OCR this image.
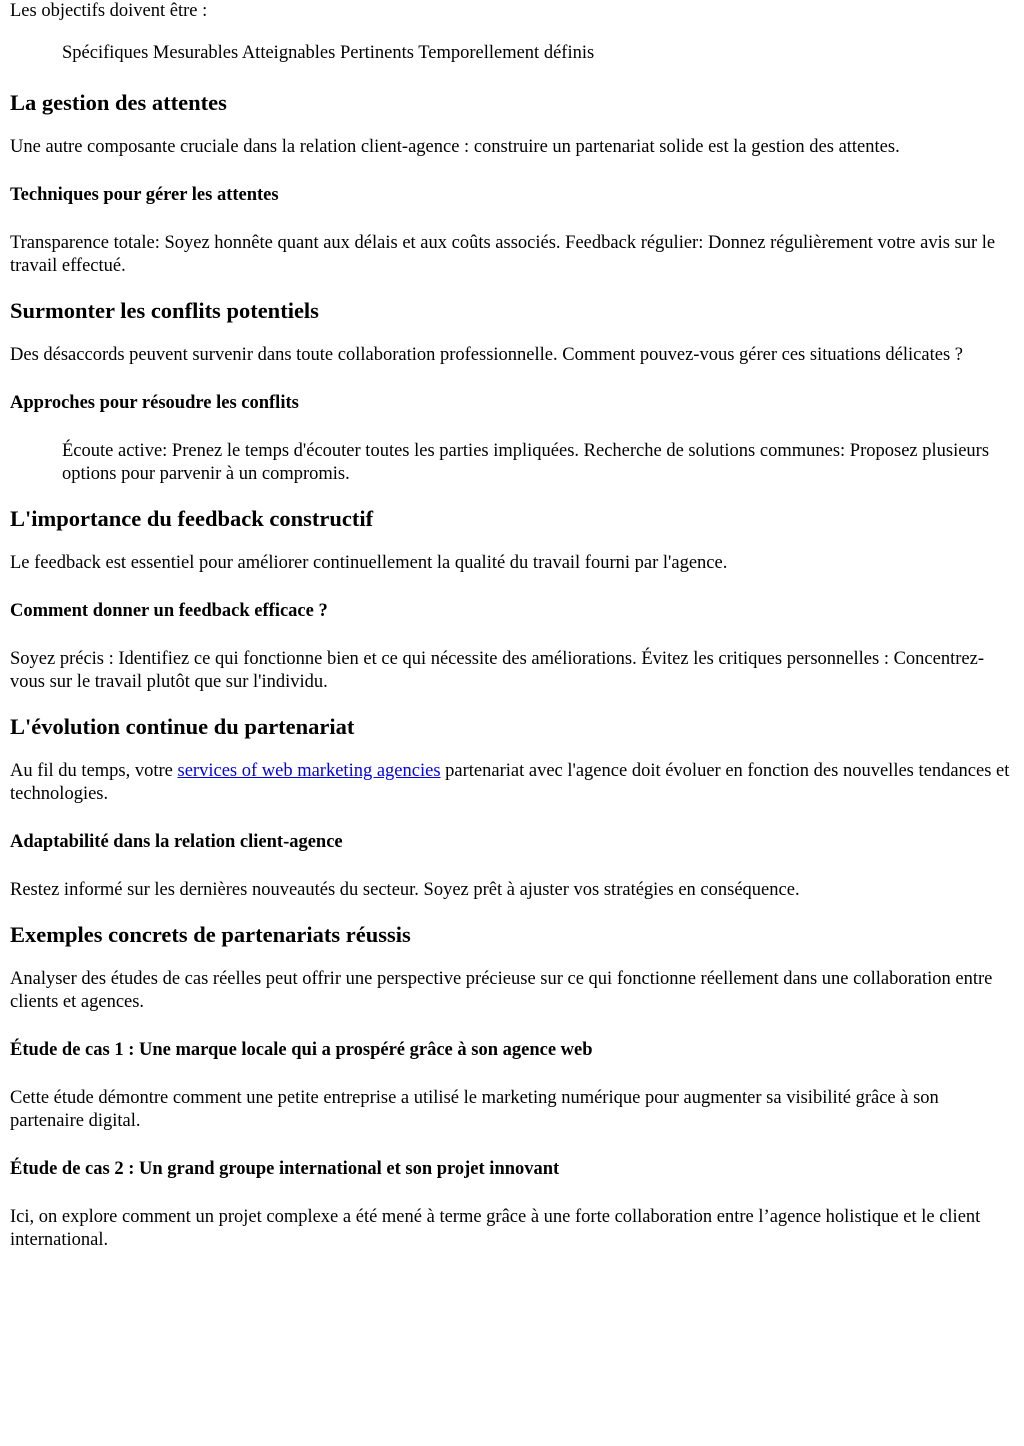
Les objectifs doivent être :

Spécifiques Mesurables Atteignables Pertinents Temporellement définis
La gestion des attentes

Une autre composante cruciale dans la relation client-agence : construire un partenariat solide est la gestion des attentes.

Techniques pour gérer les attentes

Transparence totale: Soyez honnête quant aux délais et aux coûts associés. Feedback régulier: Donnez régulièrement votre avis sur le travail effectué.

Surmonter les conflits potentiels

Des désaccords peuvent survenir dans toute collaboration professionnelle. Comment pouvez-vous gérer ces situations délicates ?

Approches pour résoudre les conflits
Écoute active: Prenez le temps d'écouter toutes les parties impliquées. Recherche de solutions communes: Proposez plusieurs options pour parvenir à un compromis.
L'importance du feedback constructif

Le feedback est essentiel pour améliorer continuellement la qualité du travail fourni par l'agence.

Comment donner un feedback efficace ?

Soyez précis : Identifiez ce qui fonctionne bien et ce qui nécessite des améliorations. Évitez les critiques personnelles : Concentrez-vous sur le travail plutôt que sur l'individu.

L'évolution continue du partenariat

Au fil du temps, votre services of web marketing agencies partenariat avec l'agence doit évoluer en fonction des nouvelles tendances et technologies.

Adaptabilité dans la relation client-agence

Restez informé sur les dernières nouveautés du secteur. Soyez prêt à ajuster vos stratégies en conséquence.

Exemples concrets de partenariats réussis

Analyser des études de cas réelles peut offrir une perspective précieuse sur ce qui fonctionne réellement dans une collaboration entre clients et agences.

Étude de cas 1 : Une marque locale qui a prospéré grâce à son agence web

Cette étude démontre comment une petite entreprise a utilisé le marketing numérique pour augmenter sa visibilité grâce à son partenaire digital.

Étude de cas 2 : Un grand groupe international et son projet innovant

Ici, on explore comment un projet complexe a été mené à terme grâce à une forte collaboration entre l’agence holistique et le client international.
